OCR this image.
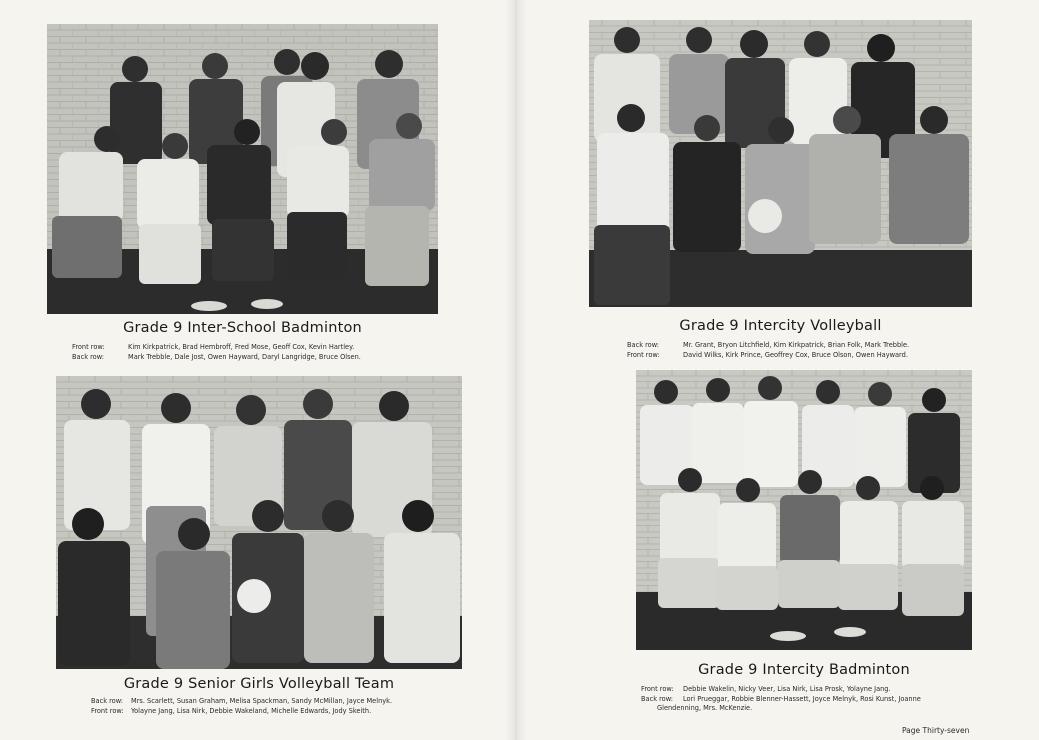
Grade 9 Inter-School Badminton
Front row:	Kim Kirkpatrick, Brad Hembroff, Fred Mose, Geoff Cox, Kevin Hartley.
Back row:	Mark Trebble, Dale Jost, Owen Hayward, Daryl Langridge, Bruce Olsen.
Grade 9 Intercity Volleyball
Back row:	Mr. Grant, Bryon Litchfield, Kim Kirkpatrick, Brian Folk, Mark Trebble.
Front row:	David Wilks, Kirk Prince, Geoffrey Cox, Bruce Olson, Owen Hayward.
Grade 9 Senior Girls Volleyball Team
Back row:	Mrs. Scarlett, Susan Graham, Melisa Spackman, Sandy McMillan, Jayce Melnyk.
Front row:	Yolayne Jang, Lisa Nirk, Debbie Wakeland, Michelle Edwards, Jody Skeith.
Grade 9 Intercity Badminton
Front row:	Debbie Wakelin, Nicky Veer, Lisa Nirk, Lisa Prosk, Yolayne Jang.
Back row:	Lori Prueggar, Robbie Blenner-Hassett, Joyce Melnyk, Rosi Kunst, Joanne
Glendenning, Mrs. McKenzie.
Page Thirty-seven
